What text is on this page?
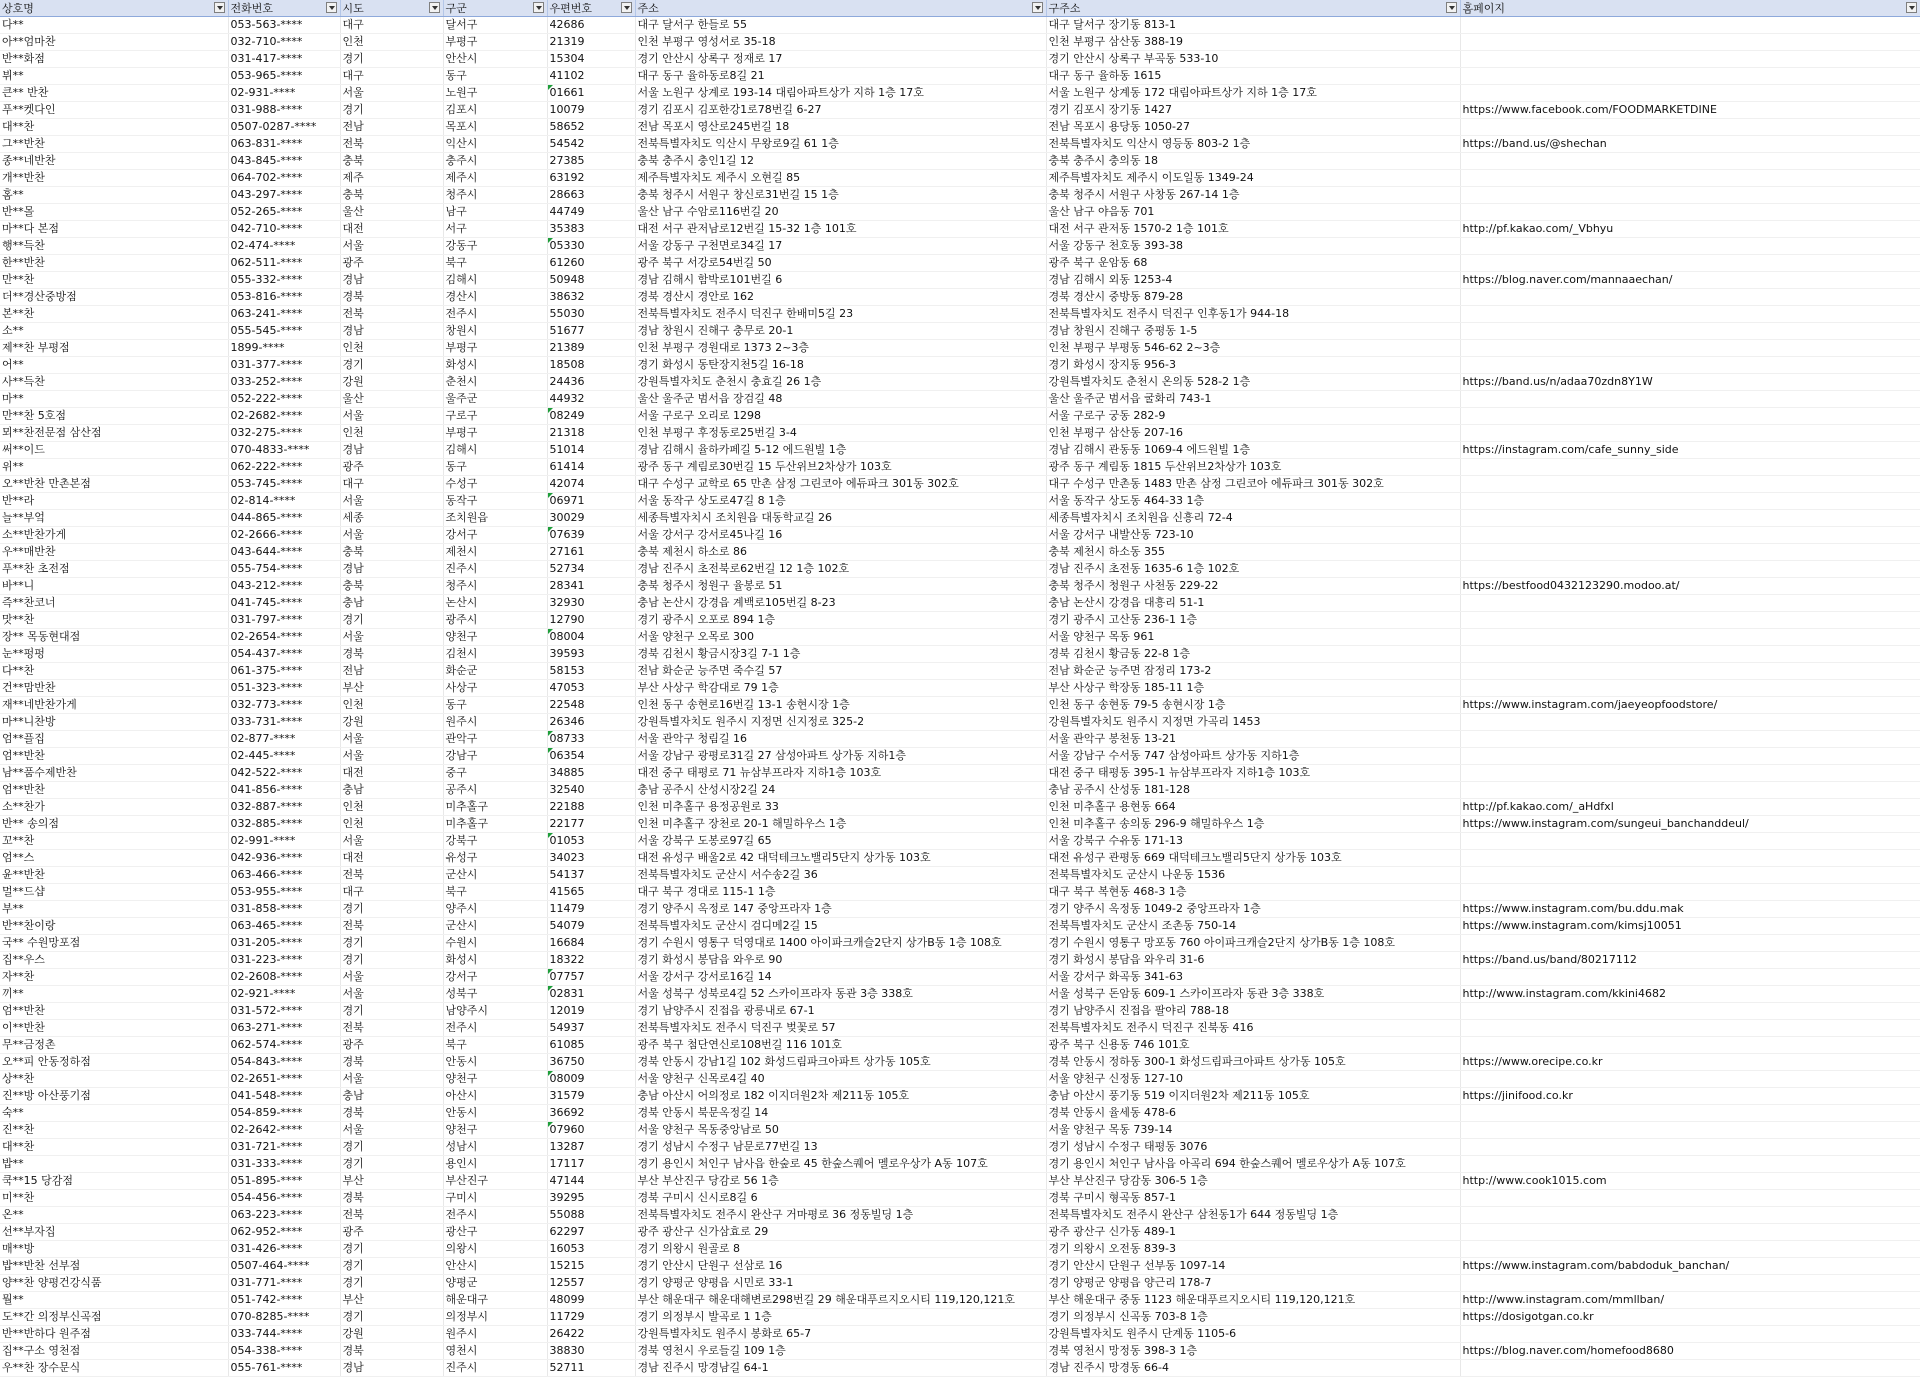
상호명	전화번호	시도	구군	우편번호	주소	구주소	홈페이지

다**	053-563-****	대구	달서구	42686	대구 달서구 한들로 55	대구 달서구 장기동 813-1	
아**엄마찬	032-710-****	인천	부평구	21319	인천 부평구 영성서로 35-18	인천 부평구 삼산동 388-19	
반**화점	031-417-****	경기	안산시	15304	경기 안산시 상록구 정재로 17	경기 안산시 상록구 부곡동 533-10	
뷔**	053-965-****	대구	동구	41102	대구 동구 율하동로8길 21	대구 동구 율하동 1615	
큰** 반찬	02-931-****	서울	노원구	01661	서울 노원구 상계로 193-14 대림아파트상가 지하 1층 17호	서울 노원구 상계동 172 대림아파트상가 지하 1층 17호	
푸**켓다인	031-988-****	경기	김포시	10079	경기 김포시 김포한강1로78번길 6-27	경기 김포시 장기동 1427	https://www.facebook.com/FOODMARKETDINE
대**찬	0507-0287-****	전남	목포시	58652	전남 목포시 영산로245번길 18	전남 목포시 용당동 1050-27	
그**반찬	063-831-****	전북	익산시	54542	전북특별자치도 익산시 무왕로9길 61 1층	전북특별자치도 익산시 영등동 803-2 1층	https://band.us/@shechan
종**네반찬	043-845-****	충북	충주시	27385	충북 충주시 충인1길 12	충북 충주시 충의동 18	
개**반찬	064-702-****	제주	제주시	63192	제주특별자치도 제주시 오현길 85	제주특별자치도 제주시 이도일동 1349-24	
홈**	043-297-****	충북	청주시	28663	충북 청주시 서원구 창신로31번길 15 1층	충북 청주시 서원구 사창동 267-14 1층	
반**몰	052-265-****	울산	남구	44749	울산 남구 수암로116번길 20	울산 남구 야음동 701	
마**다 본점	042-710-****	대전	서구	35383	대전 서구 관저남로12번길 15-32 1층 101호	대전 서구 관저동 1570-2 1층 101호	http://pf.kakao.com/_Vbhyu
행**득찬	02-474-****	서울	강동구	05330	서울 강동구 구천면로34길 17	서울 강동구 천호동 393-38	
한**반찬	062-511-****	광주	북구	61260	광주 북구 서강로54번길 50	광주 북구 운암동 68	
만**찬	055-332-****	경남	김해시	50948	경남 김해시 함박로101번길 6	경남 김해시 외동 1253-4	https://blog.naver.com/mannaaechan/
더**경산중방점	053-816-****	경북	경산시	38632	경북 경산시 경안로 162	경북 경산시 중방동 879-28	
본**찬	063-241-****	전북	전주시	55030	전북특별자치도 전주시 덕진구 한배미5길 23	전북특별자치도 전주시 덕진구 인후동1가 944-18	
소**	055-545-****	경남	창원시	51677	경남 창원시 진해구 충무로 20-1	경남 창원시 진해구 중평동 1-5	
제**찬 부평점	1899-****	인천	부평구	21389	인천 부평구 경원대로 1373 2~3층	인천 부평구 부평동 546-62 2~3층	
어**	031-377-****	경기	화성시	18508	경기 화성시 동탄장지천5길 16-18	경기 화성시 장지동 956-3	
사**득찬	033-252-****	강원	춘천시	24436	강원특별자치도 춘천시 충효길 26 1층	강원특별자치도 춘천시 온의동 528-2 1층	https://band.us/n/adaa70zdn8Y1W
마**	052-222-****	울산	울주군	44932	울산 울주군 범서읍 장검길 48	울산 울주군 범서읍 굴화리 743-1	
만**찬 5호점	02-2682-****	서울	구로구	08249	서울 구로구 오리로 1298	서울 구로구 궁동 282-9	
뫼**찬전문점 삼산점	032-275-****	인천	부평구	21318	인천 부평구 후정동로25번길 3-4	인천 부평구 삼산동 207-16	
써**이드	070-4833-****	경남	김해시	51014	경남 김해시 율하카페길 5-12 에드원빌 1층	경남 김해시 관동동 1069-4 에드원빌 1층	https://instagram.com/cafe_sunny_side
위**	062-222-****	광주	동구	61414	광주 동구 계림로30번길 15 두산위브2차상가 103호	광주 동구 계림동 1815 두산위브2차상가 103호	
오**반찬 만촌본점	053-745-****	대구	수성구	42074	대구 수성구 교학로 65 만촌 삼정 그린코아 에듀파크 301동 302호	대구 수성구 만촌동 1483 만촌 삼정 그린코아 에듀파크 301동 302호	
반**라	02-814-****	서울	동작구	06971	서울 동작구 상도로47길 8 1층	서울 동작구 상도동 464-33 1층	
늘**부엌	044-865-****	세종	조치원읍	30029	세종특별자치시 조치원읍 대동학교길 26	세종특별자치시 조치원읍 신흥리 72-4	
소**반찬가게	02-2666-****	서울	강서구	07639	서울 강서구 강서로45나길 16	서울 강서구 내발산동 723-10	
우**매반찬	043-644-****	충북	제천시	27161	충북 제천시 하소로 86	충북 제천시 하소동 355	
푸**찬 초전점	055-754-****	경남	진주시	52734	경남 진주시 초전북로62번길 12 1층 102호	경남 진주시 초전동 1635-6 1층 102호	
바**니	043-212-****	충북	청주시	28341	충북 청주시 청원구 율봉로 51	충북 청주시 청원구 사천동 229-22	https://bestfood0432123290.modoo.at/
즉**찬코너	041-745-****	충남	논산시	32930	충남 논산시 강경읍 계백로105번길 8-23	충남 논산시 강경읍 대흥리 51-1	
맛**찬	031-797-****	경기	광주시	12790	경기 광주시 오포로 894 1층	경기 광주시 고산동 236-1 1층	
장** 목동현대점	02-2654-****	서울	양천구	08004	서울 양천구 오목로 300	서울 양천구 목동 961	
눈**펑펑	054-437-****	경북	김천시	39593	경북 김천시 황금시장3길 7-1 1층	경북 김천시 황금동 22-8 1층	
다**찬	061-375-****	전남	화순군	58153	전남 화순군 능주면 죽수길 57	전남 화순군 능주면 잠정리 173-2	
건**맘반찬	051-323-****	부산	사상구	47053	부산 사상구 학감대로 79 1층	부산 사상구 학장동 185-11 1층	
재**네반찬가게	032-773-****	인천	동구	22548	인천 동구 송현로16번길 13-1 송현시장 1층	인천 동구 송현동 79-5 송현시장 1층	https://www.instagram.com/jaeyeopfoodstore/
마**니찬방	033-731-****	강원	원주시	26346	강원특별자치도 원주시 지정면 신지정로 325-2	강원특별자치도 원주시 지정면 가곡리 1453	
엄**플집	02-877-****	서울	관악구	08733	서울 관악구 청림길 16	서울 관악구 봉천동 13-21	
엄**반찬	02-445-****	서울	강남구	06354	서울 강남구 광평로31길 27 삼성아파트 상가동 지하1층	서울 강남구 수서동 747 삼성아파트 상가동 지하1층	
남**품수제반찬	042-522-****	대전	중구	34885	대전 중구 태평로 71 뉴삼부프라자 지하1층 103호	대전 중구 태평동 395-1 뉴삼부프라자 지하1층 103호	
엄**반찬	041-856-****	충남	공주시	32540	충남 공주시 산성시장2길 24	충남 공주시 산성동 181-128	
소**찬가	032-887-****	인천	미추홀구	22188	인천 미추홀구 용정공원로 33	인천 미추홀구 용현동 664	http://pf.kakao.com/_aHdfxl
반** 송의점	032-885-****	인천	미추홀구	22177	인천 미추홀구 장천로 20-1 해밀하우스 1층	인천 미추홀구 송의동 296-9 해밀하우스 1층	https://www.instagram.com/sungeui_banchanddeul/
꼬**찬	02-991-****	서울	강북구	01053	서울 강북구 도봉로97길 65	서울 강북구 수유동 171-13	
엄**스	042-936-****	대전	유성구	34023	대전 유성구 배울2로 42 대덕테크노밸리5단지 상가동 103호	대전 유성구 관평동 669 대덕테크노밸리5단지 상가동 103호	
윤**반찬	063-466-****	전북	군산시	54137	전북특별자치도 군산시 서수송2길 36	전북특별자치도 군산시 나운동 1536	
멀**드샵	053-955-****	대구	북구	41565	대구 북구 경대로 115-1 1층	대구 북구 복현동 468-3 1층	
부**	031-858-****	경기	양주시	11479	경기 양주시 옥정로 147 중앙프라자 1층	경기 양주시 옥정동 1049-2 중앙프라자 1층	https://www.instagram.com/bu.ddu.mak
반**찬이랑	063-465-****	전북	군산시	54079	전북특별자치도 군산시 검디메2길 15	전북특별자치도 군산시 조촌동 750-14	https://www.instagram.com/kimsj10051
국** 수원망포점	031-205-****	경기	수원시	16684	경기 수원시 영통구 덕영대로 1400 아이파크캐슬2단지 상가B동 1층 108호	경기 수원시 영통구 망포동 760 아이파크캐슬2단지 상가B동 1층 108호	
집**우스	031-223-****	경기	화성시	18322	경기 화성시 봉담읍 와우로 90	경기 화성시 봉담읍 와우리 31-6	https://band.us/band/80217112
자**찬	02-2608-****	서울	강서구	07757	서울 강서구 강서로16길 14	서울 강서구 화곡동 341-63	
끼**	02-921-****	서울	성북구	02831	서울 성북구 성북로4길 52 스카이프라자 동관 3층 338호	서울 성북구 돈암동 609-1 스카이프라자 동관 3층 338호	http://www.instagram.com/kkini4682
엄**반찬	031-572-****	경기	남양주시	12019	경기 남양주시 진접읍 광릉내로 67-1	경기 남양주시 진접읍 팔야리 788-18	
이**반찬	063-271-****	전북	전주시	54937	전북특별자치도 전주시 덕진구 벚꽃로 57	전북특별자치도 전주시 덕진구 진북동 416	
무**금정촌	062-574-****	광주	북구	61085	광주 북구 첨단연신로108번길 116 101호	광주 북구 신용동 746 101호	
오**피 안동정하점	054-843-****	경북	안동시	36750	경북 안동시 강남1길 102 화성드림파크아파트 상가동 105호	경북 안동시 정하동 300-1 화성드림파크아파트 상가동 105호	https://www.orecipe.co.kr
상**찬	02-2651-****	서울	양천구	08009	서울 양천구 신목로4길 40	서울 양천구 신정동 127-10	
진**방 아산풍기점	041-548-****	충남	아산시	31579	충남 아산시 어의정로 182 이지더원2차 제211동 105호	충남 아산시 풍기동 519 이지더원2차 제211동 105호	https://jinifood.co.kr
숙**	054-859-****	경북	안동시	36692	경북 안동시 북문옥정길 14	경북 안동시 율세동 478-6	
진**찬	02-2642-****	서울	양천구	07960	서울 양천구 목동중앙남로 50	서울 양천구 목동 739-14	
대**찬	031-721-****	경기	성남시	13287	경기 성남시 수정구 남문로77번길 13	경기 성남시 수정구 태평동 3076	
밥**	031-333-****	경기	용인시	17117	경기 용인시 처인구 남사읍 한숲로 45 한숲스퀘어 멜로우상가 A동 107호	경기 용인시 처인구 남사읍 아곡리 694 한숲스퀘어 멜로우상가 A동 107호	
쿡**15 당감점	051-895-****	부산	부산진구	47144	부산 부산진구 당감로 56 1층	부산 부산진구 당감동 306-5 1층	http://www.cook1015.com
미**찬	054-456-****	경북	구미시	39295	경북 구미시 신시로8길 6	경북 구미시 형곡동 857-1	
온**	063-223-****	전북	전주시	55088	전북특별자치도 전주시 완산구 거마평로 36 정동빌딩 1층	전북특별자치도 전주시 완산구 삼천동1가 644 정동빌딩 1층	
선**부자집	062-952-****	광주	광산구	62297	광주 광산구 신가삼효로 29	광주 광산구 신가동 489-1	
매**방	031-426-****	경기	의왕시	16053	경기 의왕시 원골로 8	경기 의왕시 오전동 839-3	
밥**반찬 선부점	0507-464-****	경기	안산시	15215	경기 안산시 단원구 선삼로 16	경기 안산시 단원구 선부동 1097-14	https://www.instagram.com/babdoduk_banchan/
양**찬 양평건강식품	031-771-****	경기	양평군	12557	경기 양평군 양평읍 시민로 33-1	경기 양평군 양평읍 양근리 178-7	
뭘**	051-742-****	부산	해운대구	48099	부산 해운대구 해운대해변로298번길 29 해운대푸르지오시티 119,120,121호	부산 해운대구 중동 1123 해운대푸르지오시티 119,120,121호	http://www.instagram.com/mmllban/
도**간 의정부신곡점	070-8285-****	경기	의정부시	11729	경기 의정부시 발곡로 1 1층	경기 의정부시 신곡동 703-8 1층	https://dosigotgan.co.kr
반**반하다 원주점	033-744-****	강원	원주시	26422	강원특별자치도 원주시 봉화로 65-7	강원특별자치도 원주시 단계동 1105-6	
집**구소 영천점	054-338-****	경북	영천시	38830	경북 영천시 우로들길 109 1층	경북 영천시 망정동 398-3 1층	https://blog.naver.com/homefood8680
우**찬 장수문식	055-761-****	경남	진주시	52711	경남 진주시 망경남길 64-1	경남 진주시 망경동 66-4	
